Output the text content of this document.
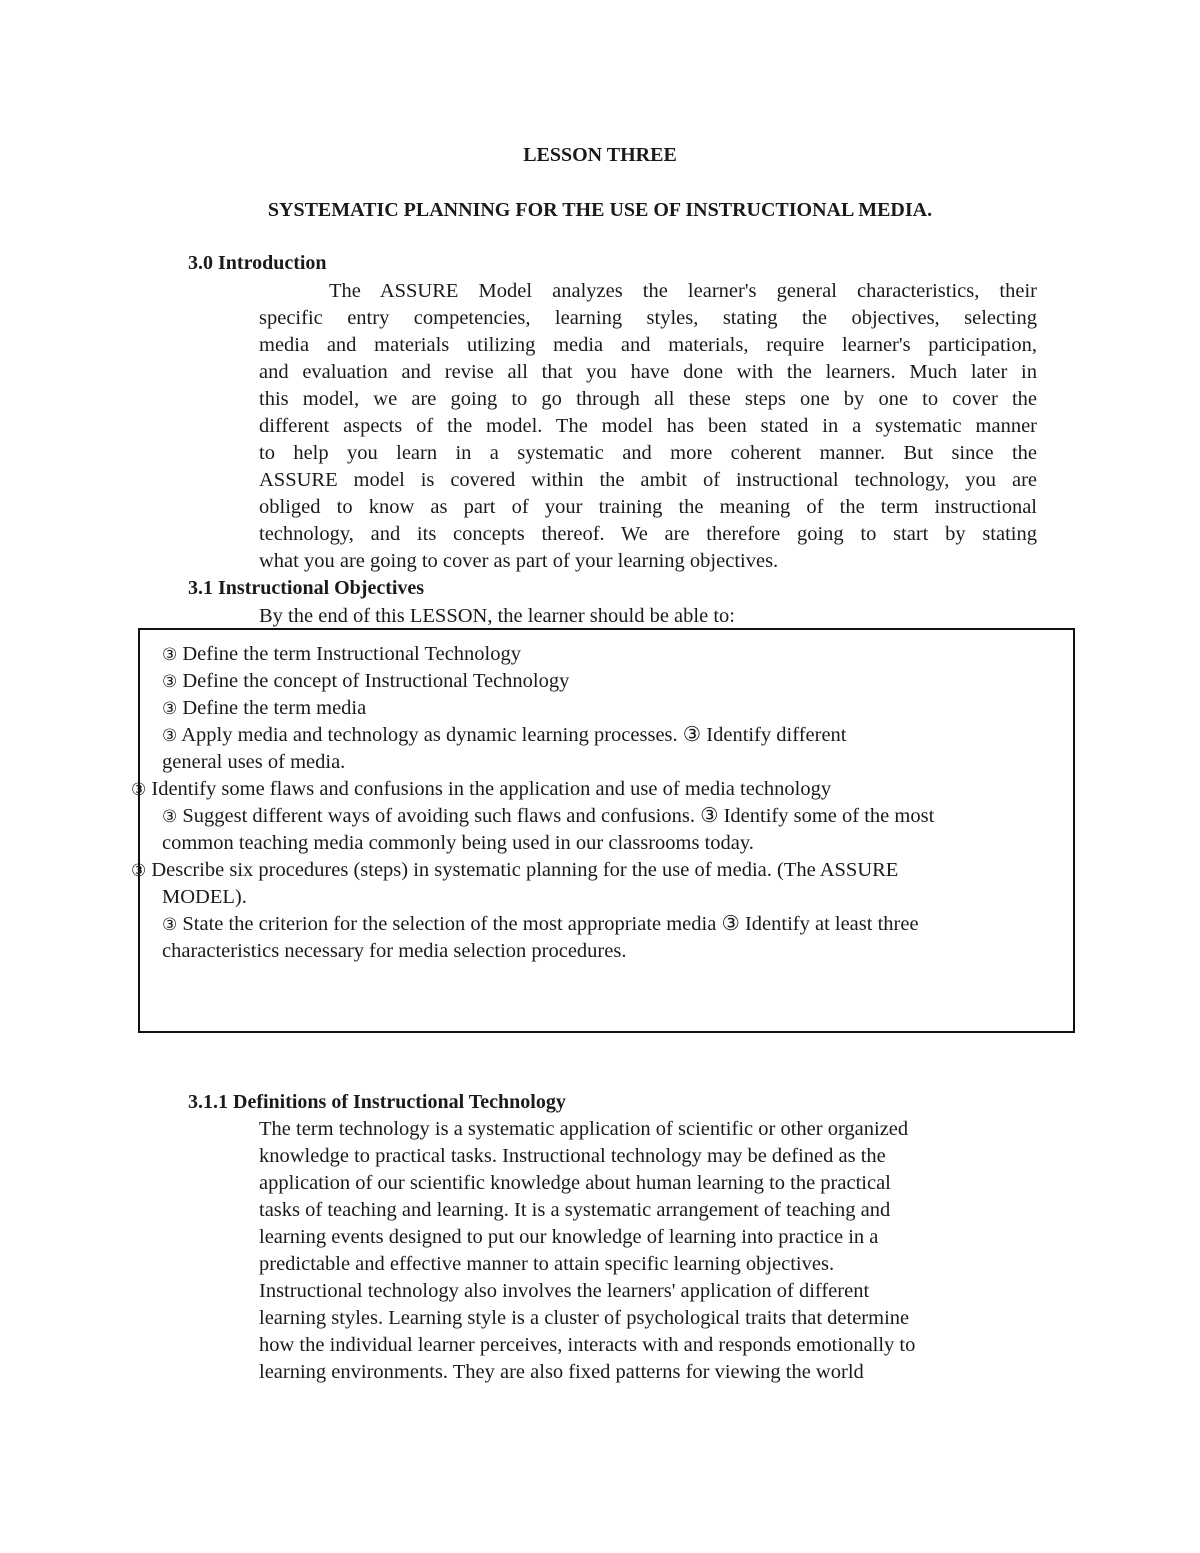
LESSON THREE
SYSTEMATIC PLANNING FOR THE USE OF INSTRUCTIONAL MEDIA.
3.0 Introduction

The ASSURE Model analyzes the learner's general characteristics, their

specific entry competencies, learning styles, stating the objectives, selecting

media and materials utilizing media and materials, require learner's participation,

and evaluation and revise all that you have done with the learners. Much later in

this model, we are going to go through all these steps one by one to cover the

different aspects of the model. The model has been stated in a systematic manner

to help you learn in a systematic and more coherent manner. But since the

ASSURE model is covered within the ambit of instructional technology, you are

obliged to know as part of your training the meaning of the term instructional

technology, and its concepts thereof. We are therefore going to start by stating

what you are going to cover as part of your learning objectives.

3.1 Instructional Objectives
By the end of this LESSON, the learner should be able to:
③ Define the term Instructional Technology
③ Define the concept of Instructional Technology
③ Define the term media
③ Apply media and technology as dynamic learning processes. ③ Identify different
general uses of media.
③ Identify some flaws and confusions in the application and use of media technology
③ Suggest different ways of avoiding such flaws and confusions. ③ Identify some of the most
common teaching media commonly being used in our classrooms today.
③ Describe six procedures (steps) in systematic planning for the use of media. (The ASSURE
MODEL).
③ State the criterion for the selection of the most appropriate media ③ Identify at least three
characteristics necessary for media selection procedures.
3.1.1 Definitions of Instructional Technology

The term technology is a systematic application of scientific or other organized

knowledge to practical tasks. Instructional technology may be defined as the

application of our scientific knowledge about human learning to the practical

tasks of teaching and learning. It is a systematic arrangement of teaching and

learning events designed to put our knowledge of learning into practice in a

predictable and effective manner to attain specific learning objectives.

Instructional technology also involves the learners' application of different

learning styles. Learning style is a cluster of psychological traits that determine

how the individual learner perceives, interacts with and responds emotionally to

learning environments. They are also fixed patterns for viewing the world
